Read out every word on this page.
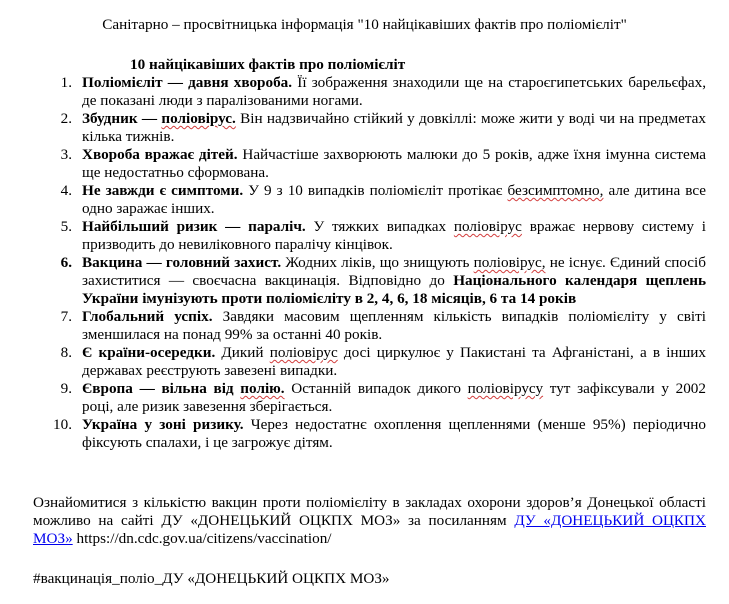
Санітарно – просвітницька інформація "10 найцікавіших фактів про поліомієліт"
10 найцікавіших фактів про поліомієліт
1. Поліомієліт — давня хвороба. Її зображення знаходили ще на староєгипетських барельєфах, де показані люди з паралізованими ногами.
2. Збудник — поліовірус. Він надзвичайно стійкий у довкіллі: може жити у воді чи на предметах кілька тижнів.
3. Хвороба вражає дітей. Найчастіше захворюють малюки до 5 років, адже їхня імунна система ще недостатньо сформована.
4. Не завжди є симптоми. У 9 з 10 випадків поліомієліт протікає безсимптомно, але дитина все одно заражає інших.
5. Найбільший ризик — параліч. У тяжких випадках поліовірус вражає нервову систему і призводить до невиліковного паралічу кінцівок.
6. Вакцина — головний захист. Жодних ліків, що знищують поліовірус, не існує. Єдиний спосіб захиститися — своєчасна вакцинація. Відповідно до Національного календаря щеплень України імунізують проти поліомієліту в 2, 4, 6, 18 місяців, 6 та 14 років
7. Глобальний успіх. Завдяки масовим щепленням кількість випадків поліомієліту у світі зменшилася на понад 99% за останні 40 років.
8. Є країни-осередки. Дикий поліовірус досі циркулює у Пакистані та Афганістані, а в інших державах реєструють завезені випадки.
9. Європа — вільна від полію. Останній випадок дикого поліовірусу тут зафіксували у 2002 році, але ризик завезення зберігається.
10. Україна у зоні ризику. Через недостатнє охоплення щепленнями (менше 95%) періодично фіксують спалахи, і це загрожує дітям.
Ознайомитися з кількістю вакцин проти поліомієліту в закладах охорони здоров’я Донецької області можливо на сайті ДУ «ДОНЕЦЬКИЙ ОЦКПХ МОЗ» за посиланням ДУ «ДОНЕЦЬКИЙ ОЦКПХ МОЗ» https://dn.cdc.gov.ua/citizens/vaccination/
#вакцинація_поліо_ДУ «ДОНЕЦЬКИЙ ОЦКПХ МОЗ»
